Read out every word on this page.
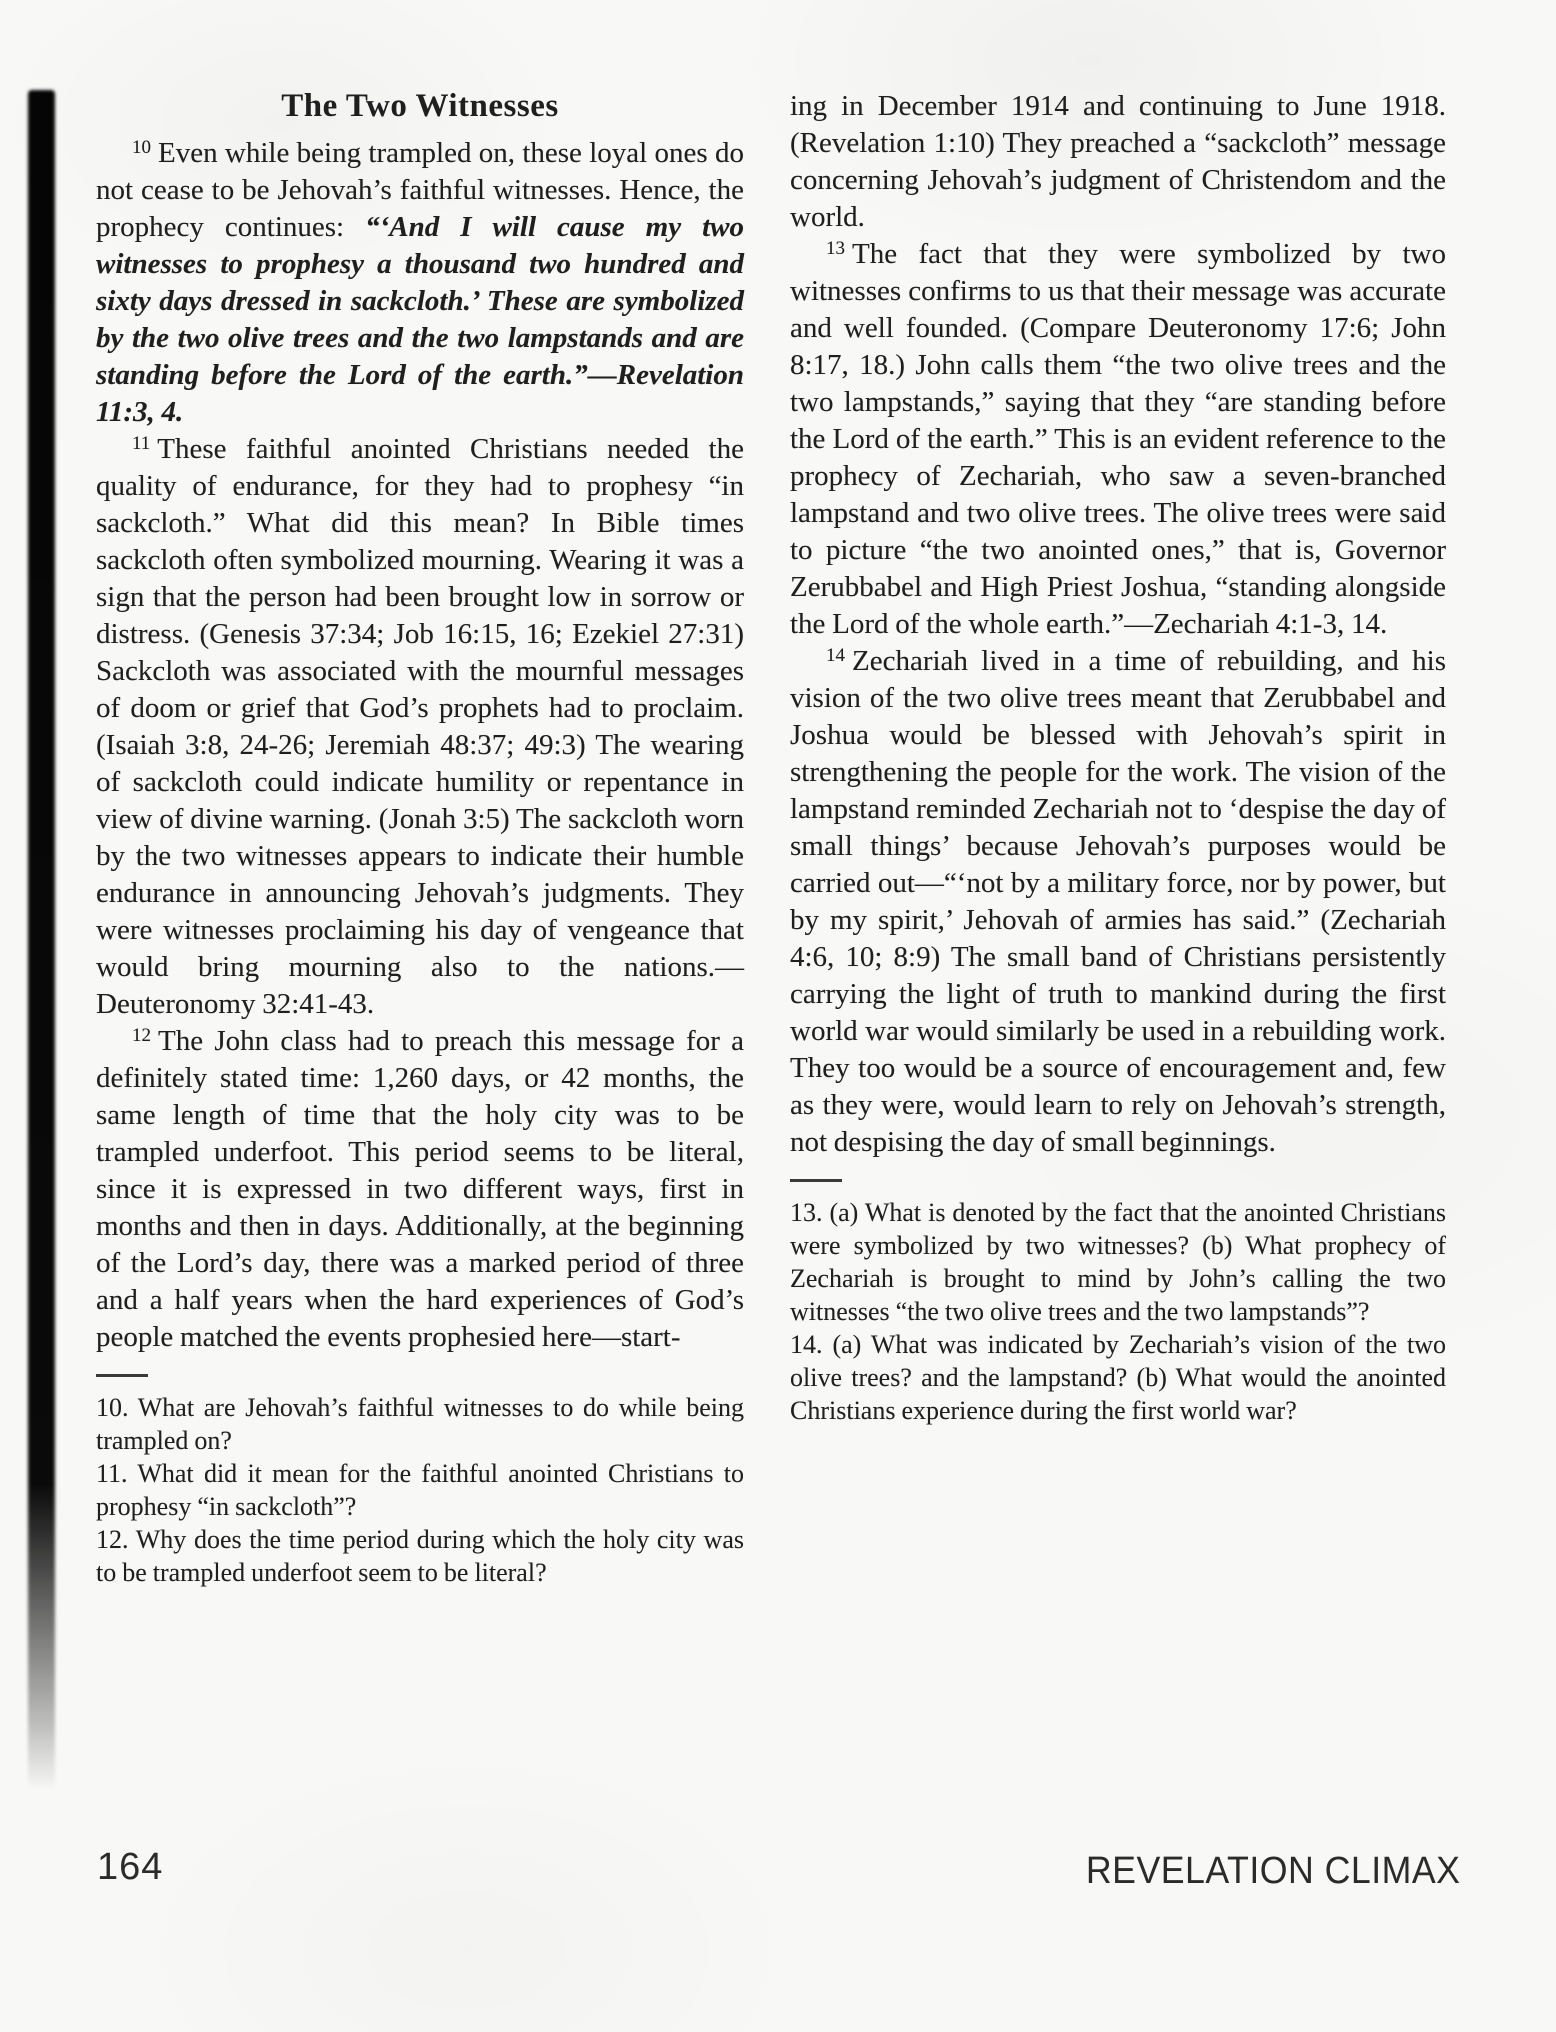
The Two Witnesses

$^{10}$ Even while being trampled on, these loyal ones do not cease to be Jehovah’s faithful witnesses. Hence, the prophecy continues: “‘And I will cause my two witnesses to prophesy a thousand two hundred and sixty days dressed in sackcloth.’ These are symbolized by the two olive trees and the two lampstands and are standing before the Lord of the earth.”—Revelation 11:3, 4.

$^{11}$ These faithful anointed Christians needed the quality of endurance, for they had to prophesy “in sackcloth.” What did this mean? In Bible times sackcloth often symbolized mourning. Wearing it was a sign that the person had been brought low in sorrow or distress. (Genesis 37:34; Job 16:15, 16; Ezekiel 27:31) Sackcloth was associated with the mournful messages of doom or grief that God’s prophets had to proclaim. (Isaiah 3:8, 24-26; Jeremiah 48:37; 49:3) The wearing of sackcloth could indicate humility or repentance in view of divine warning. (Jonah 3:5) The sackcloth worn by the two witnesses appears to indicate their humble endurance in announcing Jehovah’s judgments. They were witnesses proclaiming his day of vengeance that would bring mourning also to the nations.—Deuteronomy 32:41-43.

$^{12}$ The John class had to preach this message for a definitely stated time: 1,260 days, or 42 months, the same length of time that the holy city was to be trampled underfoot. This period seems to be literal, since it is expressed in two different ways, first in months and then in days. Additionally, at the beginning of the Lord’s day, there was a marked period of three and a half years when the hard experiences of God’s people matched the events prophesied here—start-

10. What are Jehovah’s faithful witnesses to do while being trampled on?

11. What did it mean for the faithful anointed Christians to prophesy “in sackcloth”?

12. Why does the time period during which the holy city was to be trampled underfoot seem to be literal?

ing in December 1914 and continuing to June 1918. (Revelation 1:10) They preached a “sackcloth” message concerning Jehovah’s judgment of Christendom and the world.

$^{13}$ The fact that they were symbolized by two witnesses confirms to us that their message was accurate and well founded. (Compare Deuteronomy 17:6; John 8:17, 18.) John calls them “the two olive trees and the two lampstands,” saying that they “are standing before the Lord of the earth.” This is an evident reference to the prophecy of Zechariah, who saw a seven-branched lampstand and two olive trees. The olive trees were said to picture “the two anointed ones,” that is, Governor Zerubbabel and High Priest Joshua, “standing alongside the Lord of the whole earth.”—Zechariah 4:1-3, 14.

$^{14}$ Zechariah lived in a time of rebuilding, and his vision of the two olive trees meant that Zerubbabel and Joshua would be blessed with Jehovah’s spirit in strengthening the people for the work. The vision of the lampstand reminded Zechariah not to ‘despise the day of small things’ because Jehovah’s purposes would be carried out—“‘not by a military force, nor by power, but by my spirit,’ Jehovah of armies has said.” (Zechariah 4:6, 10; 8:9) The small band of Christians persistently carrying the light of truth to mankind during the first world war would similarly be used in a rebuilding work. They too would be a source of encouragement and, few as they were, would learn to rely on Jehovah’s strength, not despising the day of small beginnings.

13. (a) What is denoted by the fact that the anointed Christians were symbolized by two witnesses? (b) What prophecy of Zechariah is brought to mind by John’s calling the two witnesses “the two olive trees and the two lampstands”?

14. (a) What was indicated by Zechariah’s vision of the two olive trees? and the lampstand? (b) What would the anointed Christians experience during the first world war?

164	REVELATION CLIMAX
